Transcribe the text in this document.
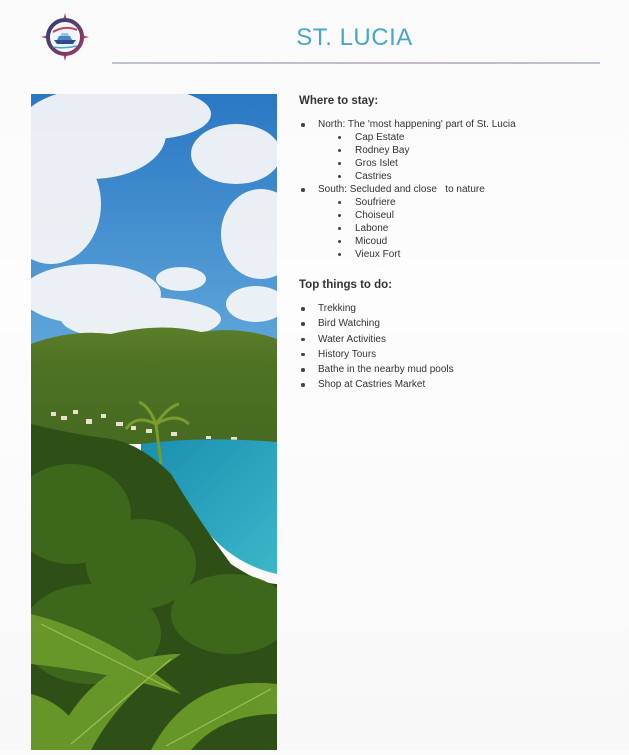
ST. LUCIA
Where to stay:
North: The 'most happening' part of St. Lucia
Cap Estate
Rodney Bay
Gros Islet
Castries
South: Secluded and close   to nature
Soufriere
Choiseul
Labone
Micoud
Vieux Fort
Top things to do:
Trekking
Bird Watching
Water Activities
History Tours
Bathe in the nearby mud pools
Shop at Castries Market
